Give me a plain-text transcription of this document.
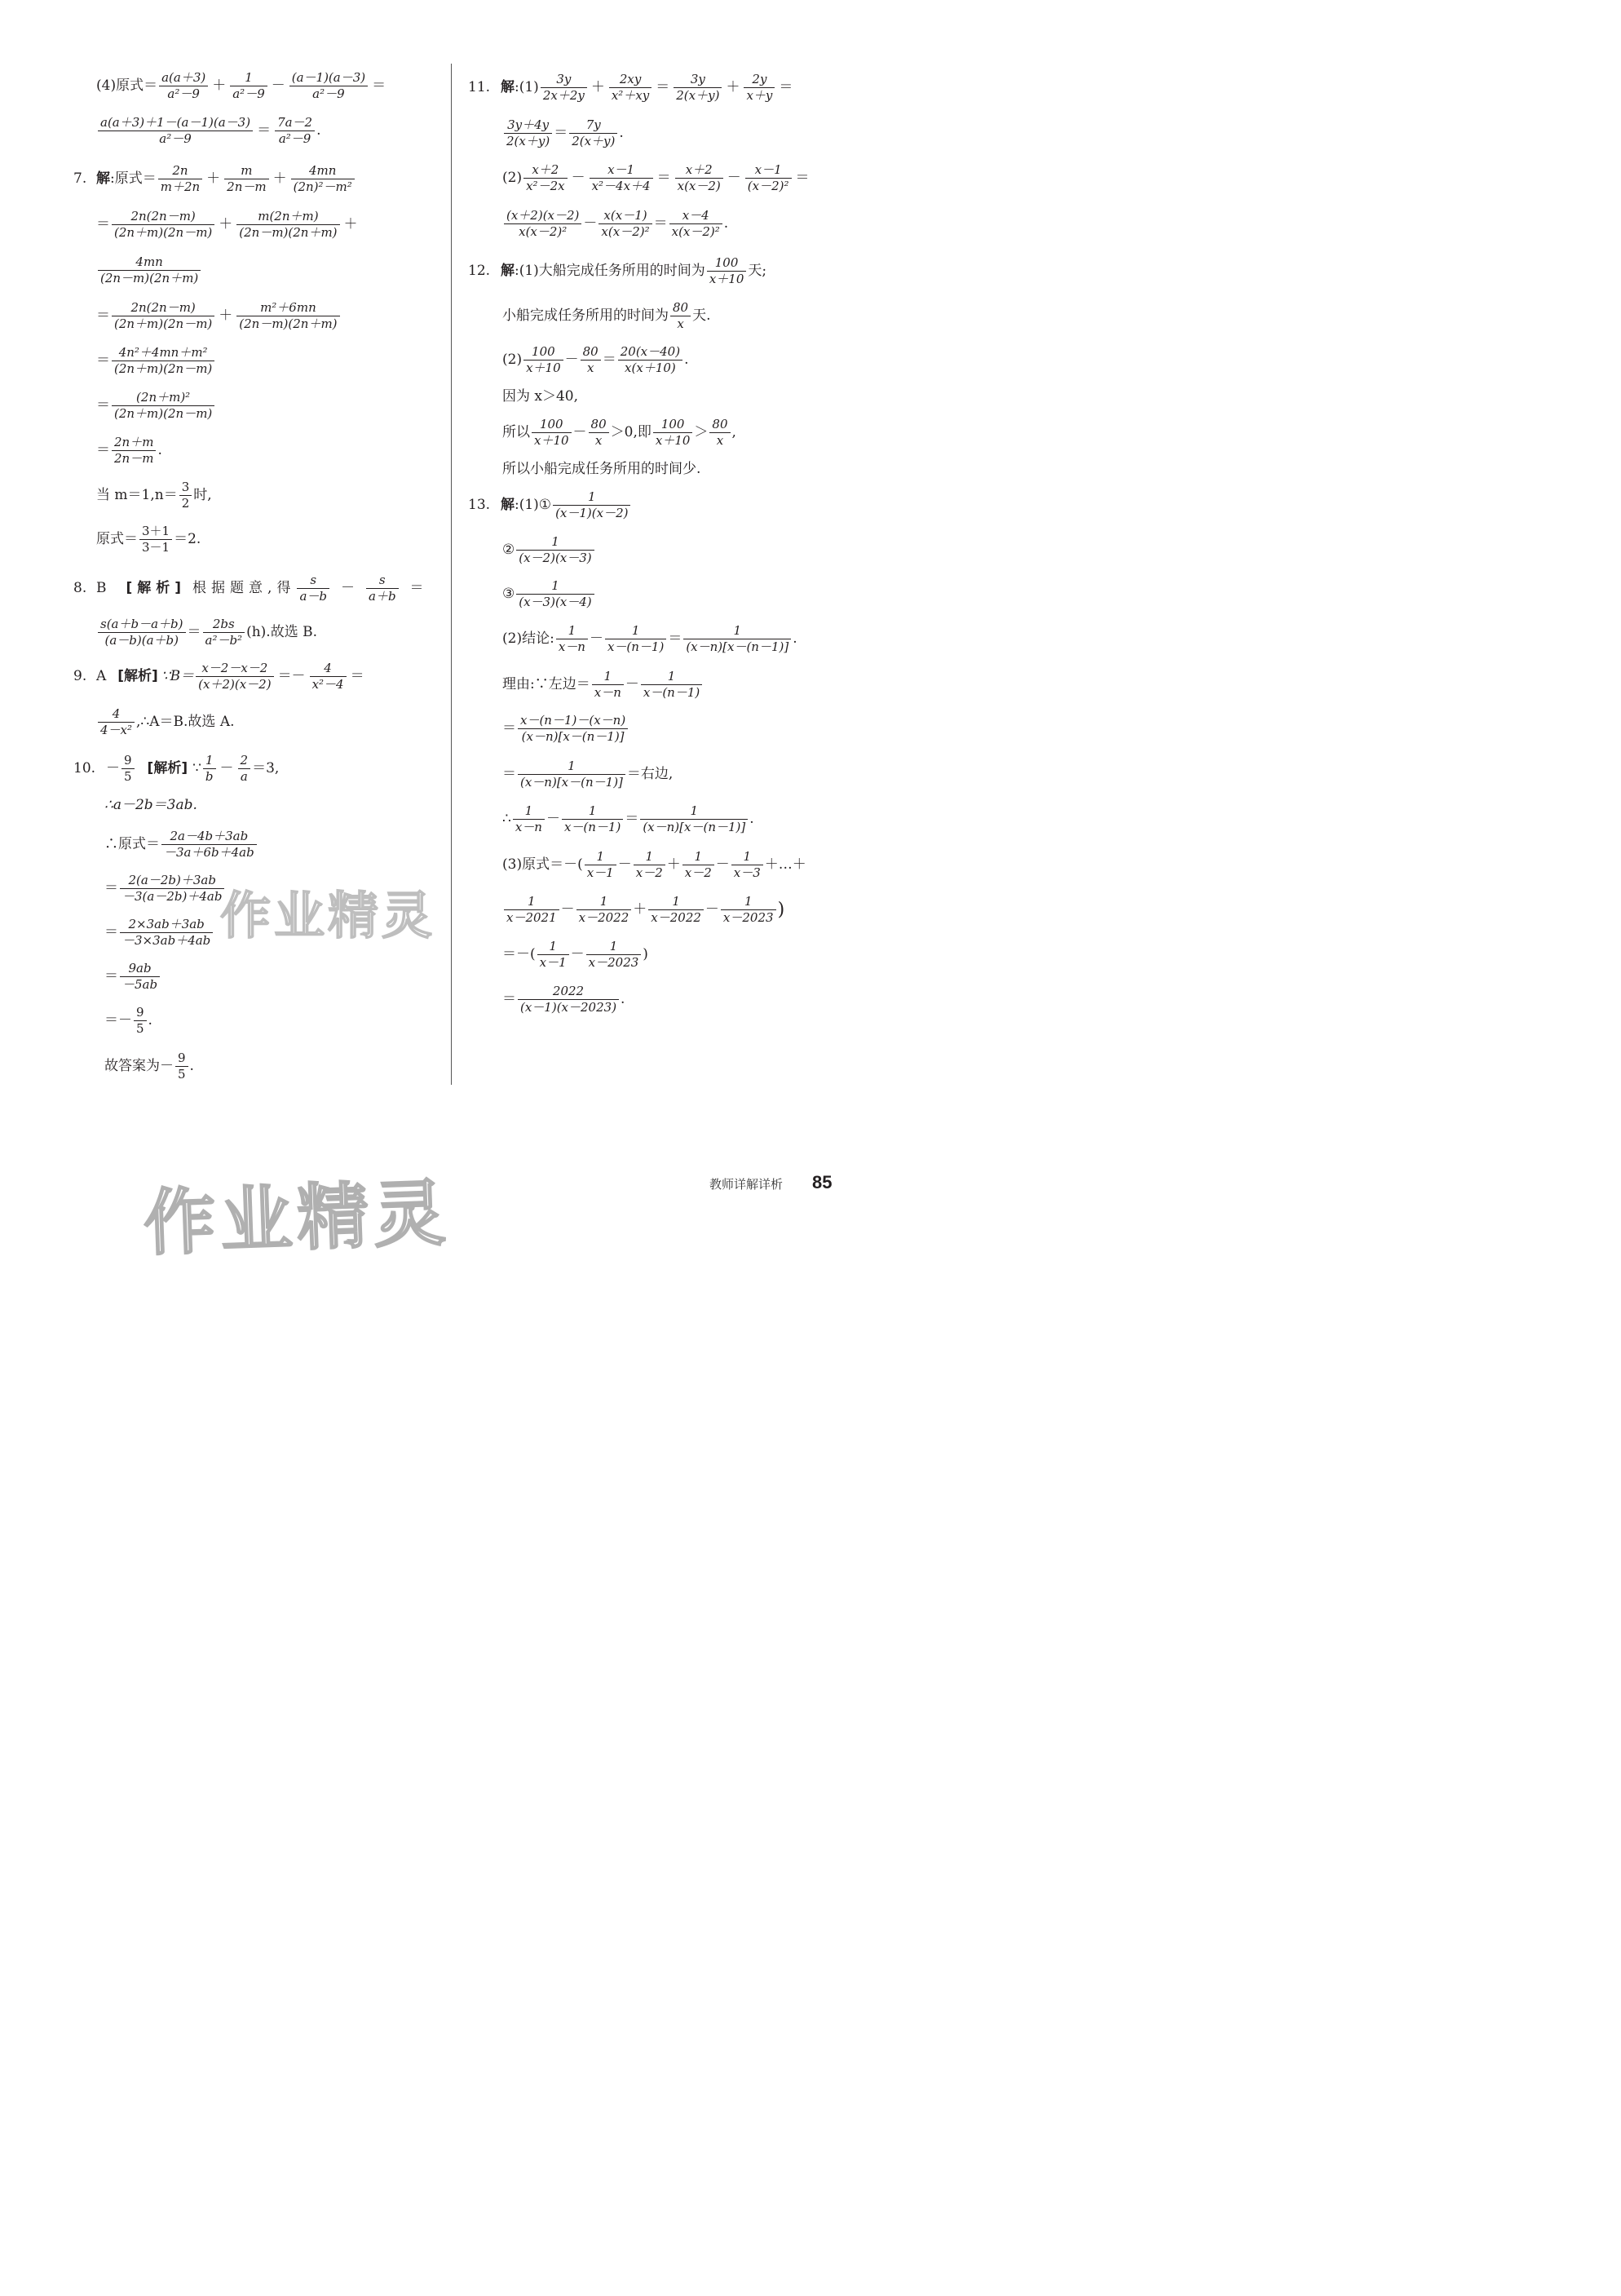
(4)原式＝ $\frac{a(a+3)}{\text{a²－9}} + \frac{1}{\text{a²－9}} - \frac{(a-1)(a-3)}{\text{a²－9}}$ ＝
$\frac{a(a+3)+1-(a-1)(a-3)}{\text{a²－9}} = \frac{7a-2}{\text{a²－9}}$ .
7. 解 :原式＝ $\frac{2n}{m+2n} + \frac{m}{2n-m} + \frac{4mn}{\text{(2n)²－m²}}$
＝ $\frac{2n(2n-m)}{(2n+m)(2n-m)} + \frac{m(2n+m)}{(2n-m)(2n+m)}$ ＋
$\frac{4mn}{(2n-m)(2n+m)}$
＝ $\frac{2n(2n-m)}{(2n+m)(2n-m)} + \frac{\text{m²＋6mn}}{(2n-m)(2n+m)}$
＝ $\frac{\text{4n²＋4mn＋m²}}{(2n+m)(2n-m)}$
＝ $\frac{\text{(2n＋m)²}}{(2n+m)(2n-m)}$
＝ $\frac{2n+m}{2n-m}$ .
当 $m=1,n= \frac{3}{2}$ 时,
原式＝ $\frac{3+1}{3-1} =2$.
8. B [解析] 根据题意,得 $\frac{s}{a-b} - \frac{s}{a+b}$ ＝
$\frac{s(a+b-a+b)}{(a-b)(a+b)} = \frac{2bs}{\text{a²－b²}} (h)$.故选 B.
9. A [解析] ∵B＝ $\frac{x-2-x-2}{(x+2)(x-2)} =- \frac{4}{\text{x²－4}}$ ＝
$\frac{4}{\text{4－x²}}$ ,∴A＝B.故选 A.
10. － $\frac{9}{5}$ [解析] ∵ $\frac{1}{b} - \frac{2}{a} =3$,
∴a－2b＝3ab.
∴原式＝ $\frac{2a-4b+3ab}{-3a+6b+4ab}$
＝ $\frac{2(a-2b)+3ab}{-3(a-2b)+4ab}$
＝ $\frac{2\times 3ab+3ab}{-3\times 3ab+4ab}$
＝ $\frac{9ab}{-5ab}$
＝－ $\frac{9}{5}$ .
故答案为－ $\frac{9}{5}$ .
11. 解 :(1) $\frac{3y}{2x+2y} + \frac{2xy}{\text{x²＋xy}} = \frac{3y}{2(x+y)} + \frac{2y}{x+y}$ ＝
$\frac{3y+4y}{2(x+y)} = \frac{7y}{2(x+y)}$ .
$(2) \frac{x+2}{\text{x²－2x}} - \frac{x-1}{\text{x²－4x＋4}} = \frac{x+2}{x(x-2)} - \frac{x-1}{\text{(x－2)²}}$ ＝
$\frac{(x+2)(x-2)}{\text{x(x－2)²}} - \frac{x(x-1)}{\text{x(x－2)²}} = \frac{x-4}{\text{x(x－2)²}}$ .
12. 解 :(1)大船完成任务所用的时间为 $\frac{100}{x+10}$ 天;
小船完成任务所用的时间为 $\frac{80}{x}$ 天.
$(2) \frac{100}{x+10} - \frac{80}{x} = \frac{20(x-40)}{x(x+10)}$ .
因为 x＞40,
所以 $\frac{100}{x+10} - \frac{80}{x} >0$,即 $\frac{100}{x+10} > \frac{80}{x}$ ,
所以小船完成任务所用的时间少.
13. 解 :(1)① $\frac{1}{(x-1)(x-2)}$
② $\frac{1}{(x-2)(x-3)}$
③ $\frac{1}{(x-3)(x-4)}$
(2)结论: $\frac{1}{x-n} - \frac{1}{x-(n-1)} = \frac{1}{(x-n)[x-(n-1)]}$ .
理由:∵左边＝ $\frac{1}{x-n} - \frac{1}{x-(n-1)}$
＝ $\frac{x-(n-1)-(x-n)}{(x-n)[x-(n-1)]}$
＝ $\frac{1}{(x-n)[x-(n-1)]}$ ＝右边,
∴ $\frac{1}{x-n} - \frac{1}{x-(n-1)} = \frac{1}{(x-n)[x-(n-1)]}$ .
(3)原式＝－( $\frac{1}{x-1} - \frac{1}{x-2} + \frac{1}{x-2} - \frac{1}{x-3}$ ＋…＋
$\frac{1}{x-2021} - \frac{1}{x-2022} + \frac{1}{x-2022} - \frac{1}{x-2023}$ )
＝－( $\frac{1}{x-1} - \frac{1}{x-2023}$ )
＝ $\frac{2022}{(x-1)(x-2023)}$ .
作业精灵
作业精灵	教师详解详析 85
